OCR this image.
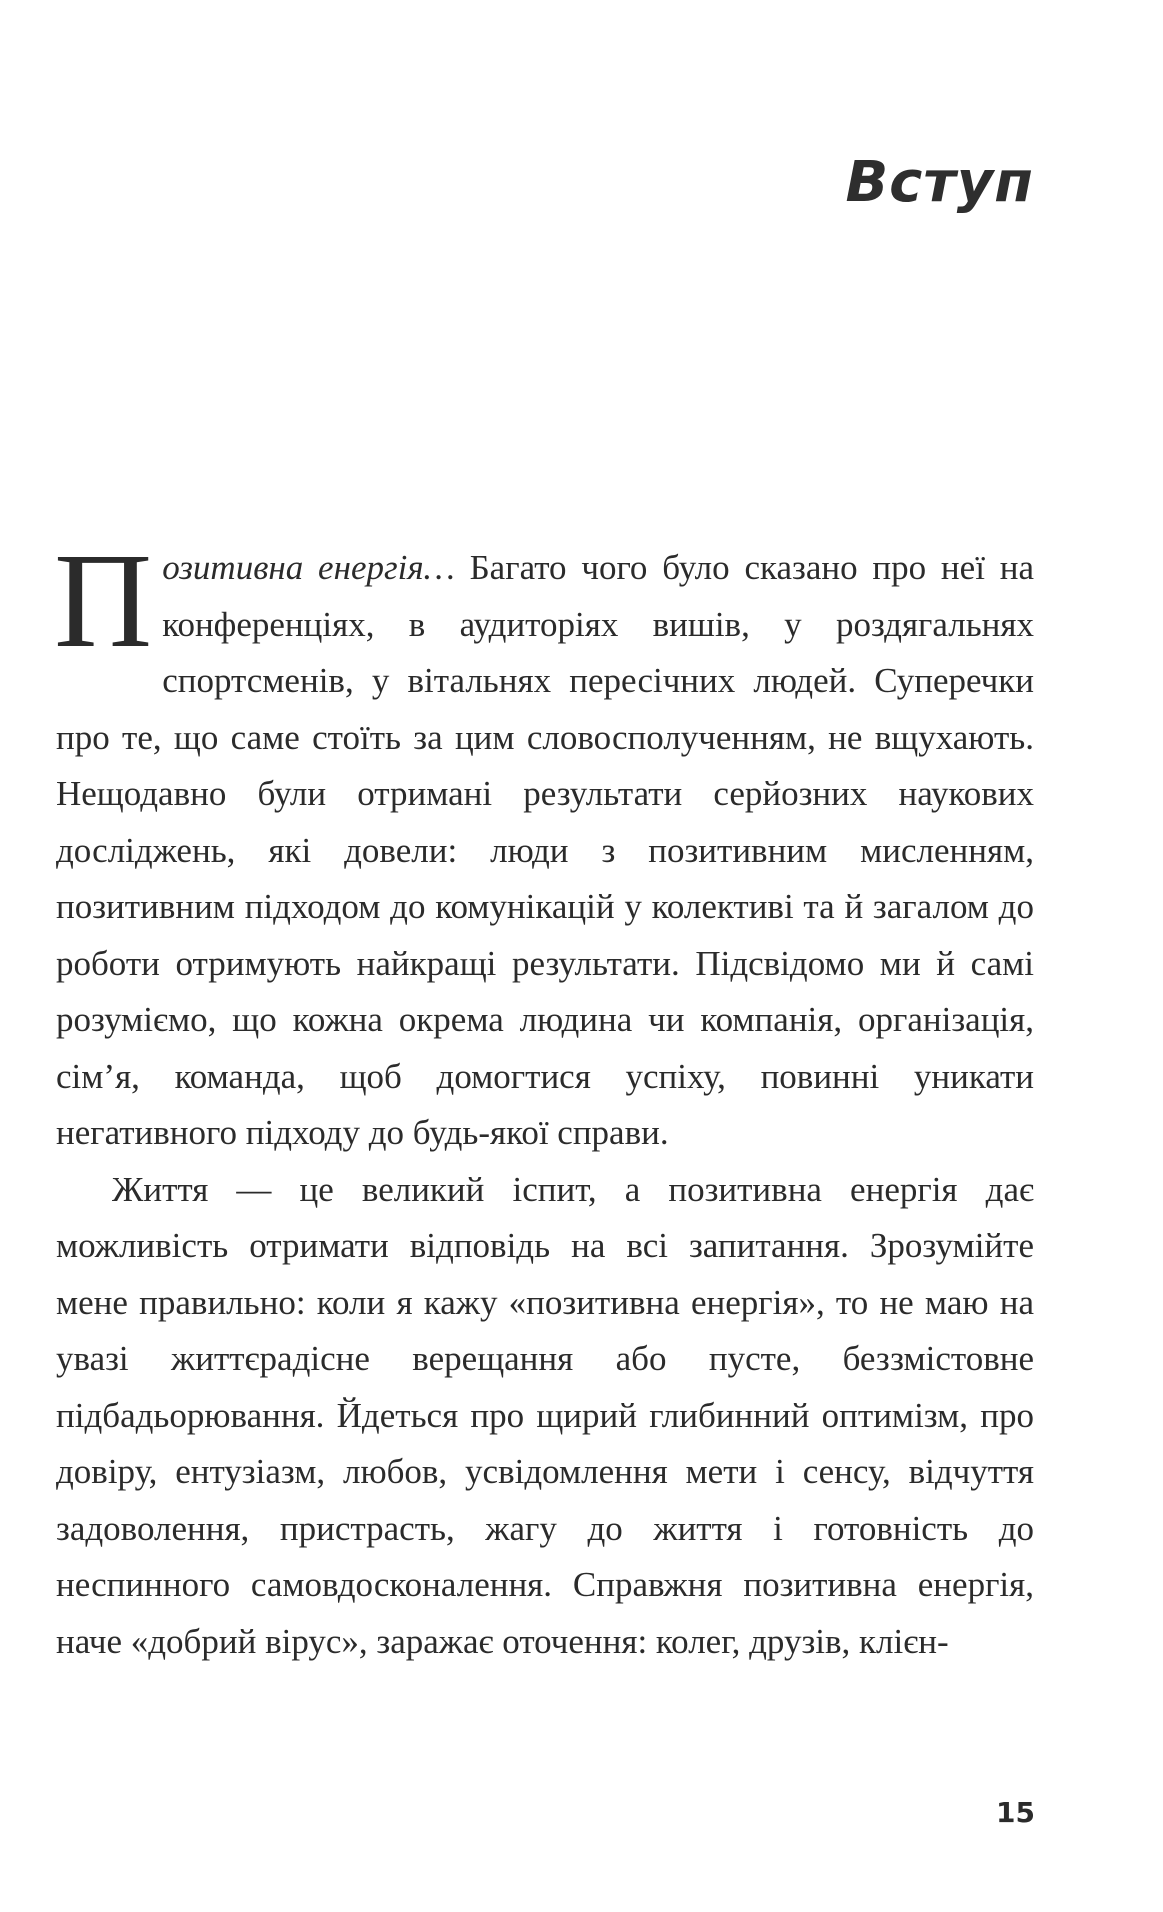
Вступ

Позитивна енергія… Багато чого було сказано про неї на конференціях, в аудиторіях вишів, у роздягальнях спортсменів, у вітальнях пересічних людей. Суперечки про те, що саме стоїть за цим словосполученням, не вщухають. Нещодавно були отримані результати серйозних наукових досліджень, які довели: люди з позитивним мисленням, позитивним підходом до комунікацій у колективі та й загалом до роботи отримують найкращі результати. Підсвідомо ми й самі розуміємо, що кожна окрема людина чи компанія, організація, сім’я, команда, щоб домогтися успіху, повинні уникати негативного підходу до будь-якої справи.

Життя — це великий іспит, а позитивна енергія дає можливість отримати відповідь на всі запитання. Зрозумійте мене правильно: коли я кажу «позитивна енергія», то не маю на увазі життєрадісне верещання або пусте, беззмістовне підбадьорювання. Йдеться про щирий глибинний оптимізм, про довіру, ентузіазм, любов, усвідомлення мети і сенсу, відчуття задоволення, пристрасть, жагу до життя і готовність до неспинного самовдосконалення. Справжня позитивна енергія, наче «добрий вірус», заражає оточення: колег, друзів, клієн-

15
